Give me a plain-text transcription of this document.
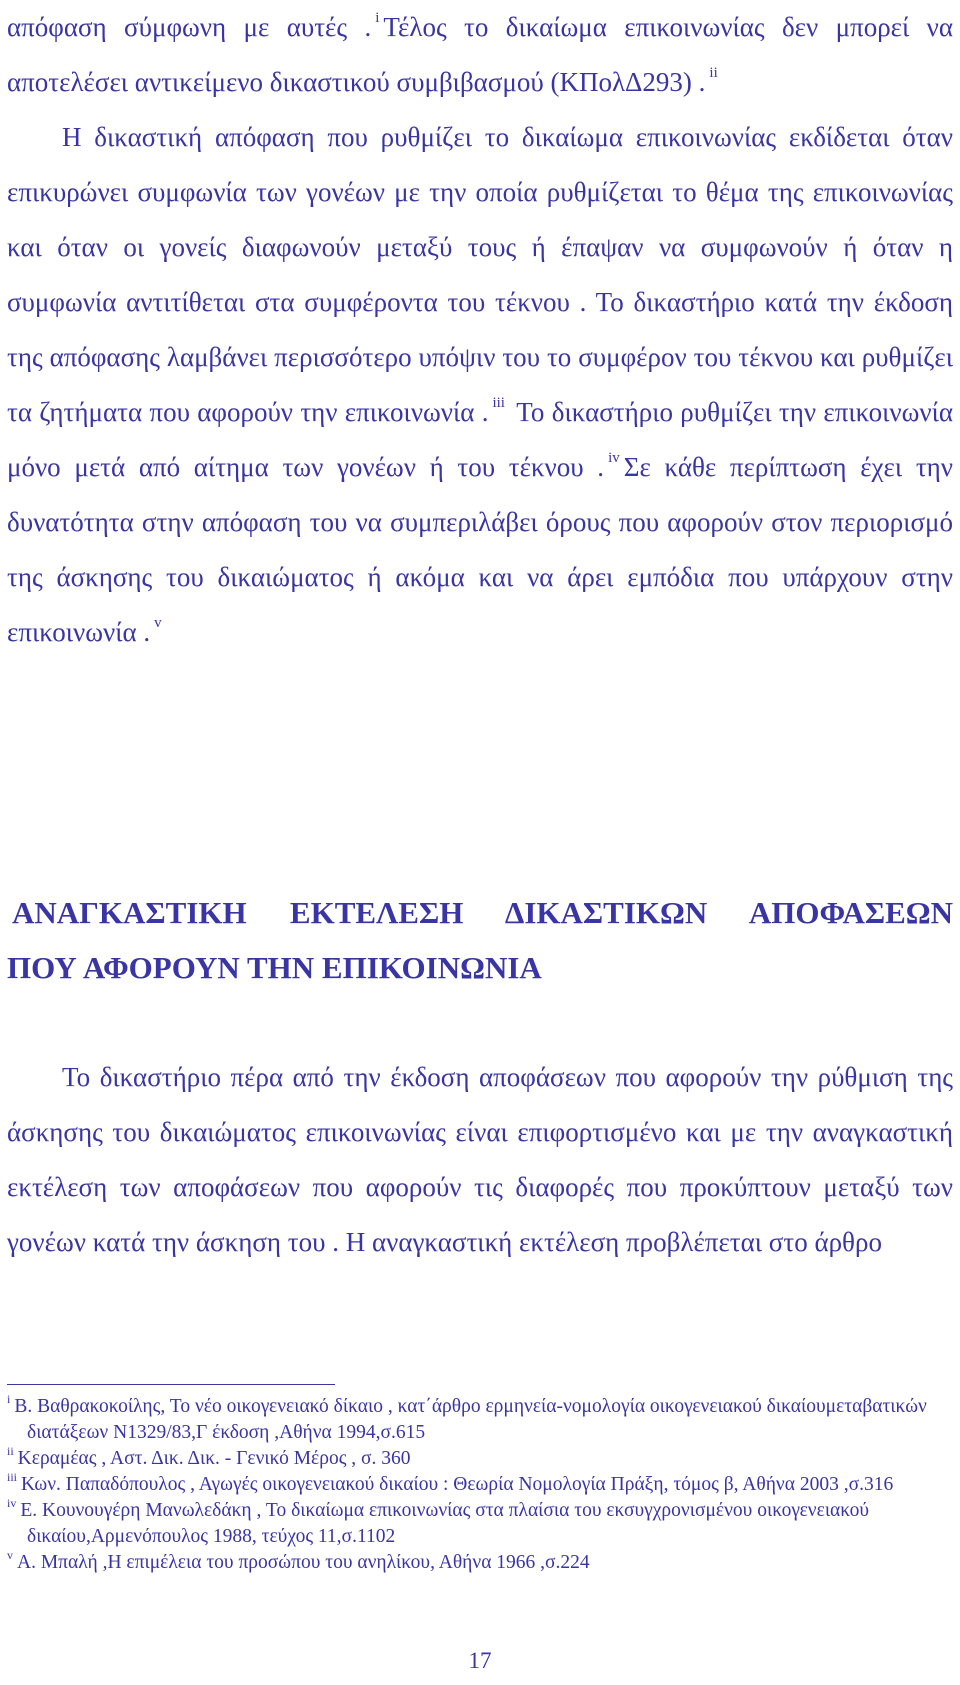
απόφαση σύμφωνη με αυτές . $^i$ Τέλος το δικαίωμα επικοινωνίας δεν μπορεί να αποτελέσει αντικείμενο δικαστικού συμβιβασμού (ΚΠολΔ293) . $^{ii}$

Η δικαστική απόφαση που ρυθμίζει το δικαίωμα επικοινωνίας εκδίδεται όταν επικυρώνει συμφωνία των γονέων με την οποία ρυθμίζεται το θέμα της επικοινωνίας και όταν οι γονείς διαφωνούν μεταξύ τους ή έπαψαν να συμφωνούν ή όταν η συμφωνία αντιτίθεται στα συμφέροντα του τέκνου . Το δικαστήριο κατά την έκδοση της απόφασης λαμβάνει περισσότερο υπόψιν του το συμφέρον του τέκνου και ρυθμίζει τα ζητήματα που αφορούν την επικοινωνία . $^{iii}$ Το δικαστήριο ρυθμίζει την επικοινωνία μόνο μετά από αίτημα των γονέων ή του τέκνου . $^{iv}$ Σε κάθε περίπτωση έχει την δυνατότητα στην απόφαση του να συμπεριλάβει όρους που αφορούν στον περιορισμό της άσκησης του δικαιώματος ή ακόμα και να άρει εμπόδια που υπάρχουν στην επικοινωνία . $^v$

ΑΝΑΓΚΑΣΤΙΚΗ ΕΚΤΕΛΕΣΗ ΔΙΚΑΣΤΙΚΩΝ ΑΠΟΦΑΣΕΩΝ
ΠΟΥ ΑΦΟΡΟΥΝ ΤΗΝ ΕΠΙΚΟΙΝΩΝΙΑ

Το δικαστήριο πέρα από την έκδοση αποφάσεων που αφορούν την ρύθμιση της άσκησης του δικαιώματος επικοινωνίας είναι επιφορτισμένο και με την αναγκαστική εκτέλεση των αποφάσεων που αφορούν τις διαφορές που προκύπτουν μεταξύ των γονέων κατά την άσκηση του . Η αναγκαστική εκτέλεση προβλέπεται στο άρθρο

$^i$ Β. Βαθρακοκοίλης, Το νέο οικογενειακό δίκαιο , κατ΄άρθρο ερμηνεία-νομολογία οικογενειακού δικαίουμεταβατικών διατάξεων Ν1329/83,Γ έκδοση ,Αθήνα 1994,σ.615

$^{ii}$ Κεραμέας , Αστ. Δικ. Δικ. - Γενικό Μέρος , σ. 360

$^{iii}$ Κων. Παπαδόπουλος , Αγωγές οικογενειακού δικαίου : Θεωρία Νομολογία Πράξη, τόμος β, Αθήνα 2003 ,σ.316

$^{iv}$ Ε. Κουνουγέρη Μανωλεδάκη , Το δικαίωμα επικοινωνίας στα πλαίσια του εκσυγχρονισμένου οικογενειακού δικαίου,Αρμενόπουλος 1988, τεύχος 11,σ.1102

$^v$ Α. Μπαλή ,Η επιμέλεια του προσώπου του ανηλίκου, Αθήνα 1966 ,σ.224

17
